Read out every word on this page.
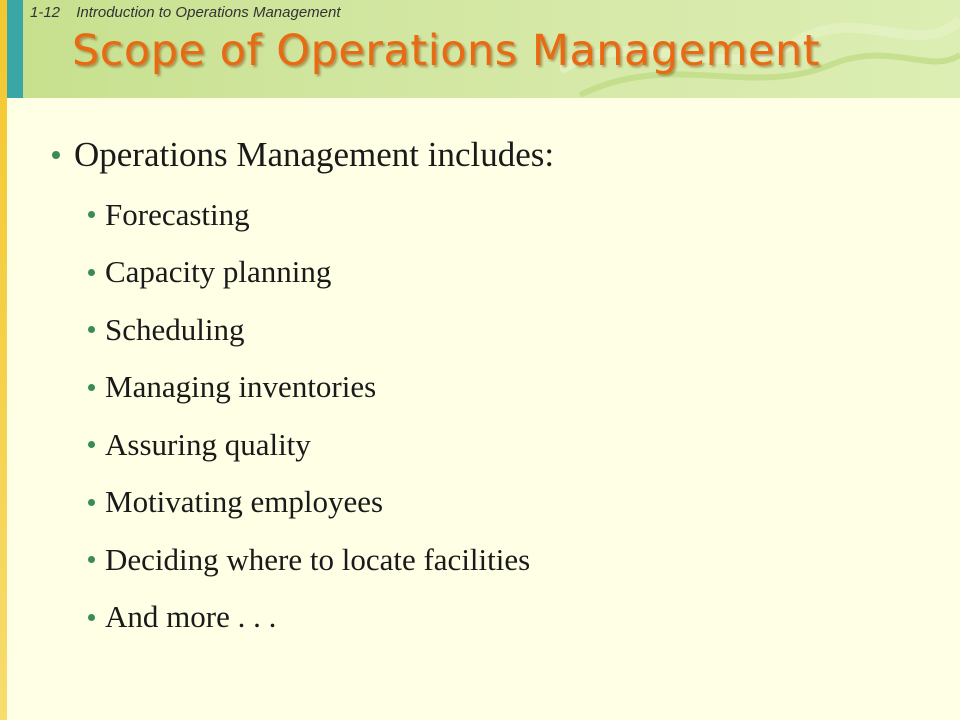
1-12 Introduction to Operations Management
Scope of Operations Management
Operations Management includes:
Forecasting
Capacity planning
Scheduling
Managing inventories
Assuring quality
Motivating employees
Deciding where to locate facilities
And more . . .
